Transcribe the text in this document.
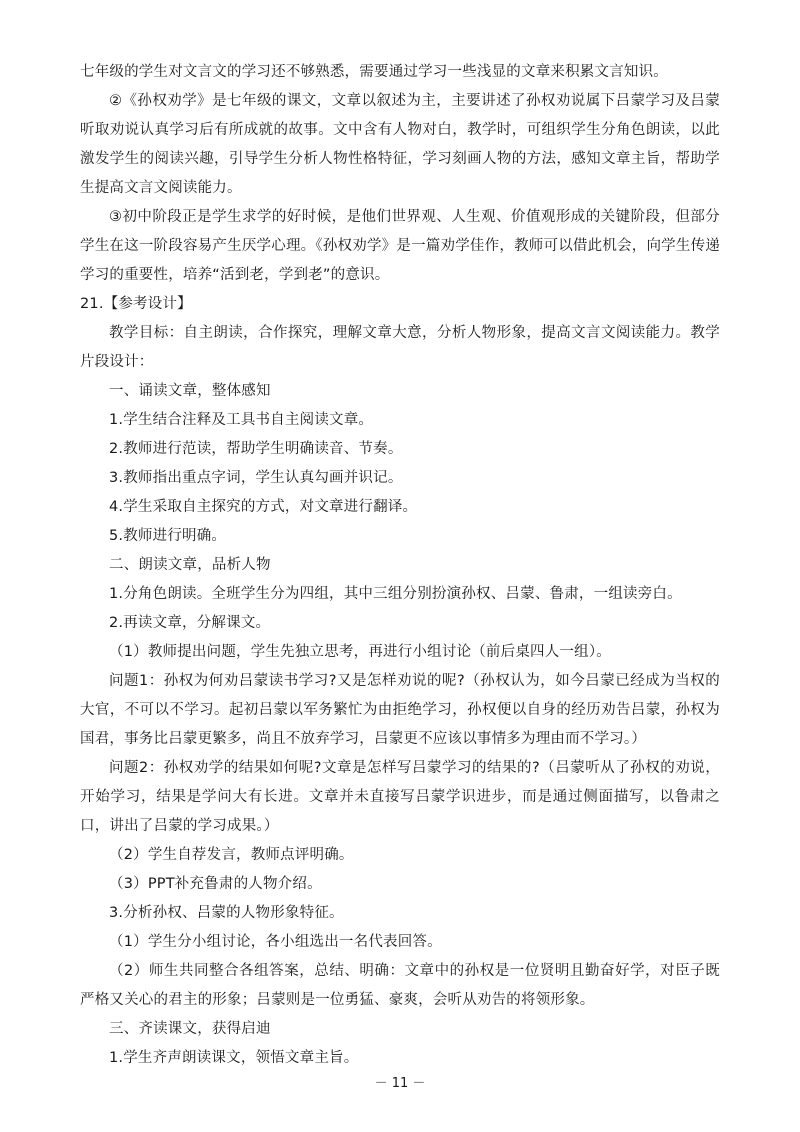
七年级的学生对文言文的学习还不够熟悉，需要通过学习一些浅显的文章来积累文言知识。

②《孙权劝学》是七年级的课文，文章以叙述为主，主要讲述了孙权劝说属下吕蒙学习及吕蒙听取劝说认真学习后有所成就的故事。文中含有人物对白，教学时，可组织学生分角色朗读，以此激发学生的阅读兴趣，引导学生分析人物性格特征，学习刻画人物的方法，感知文章主旨，帮助学生提高文言文阅读能力。

③初中阶段正是学生求学的好时候，是他们世界观、人生观、价值观形成的关键阶段，但部分学生在这一阶段容易产生厌学心理。《孙权劝学》是一篇劝学佳作，教师可以借此机会，向学生传递学习的重要性，培养“活到老，学到老”的意识。

21.【参考设计】

教学目标：自主朗读，合作探究，理解文章大意，分析人物形象，提高文言文阅读能力。教学片段设计：

一、诵读文章，整体感知

1.学生结合注释及工具书自主阅读文章。

2.教师进行范读，帮助学生明确读音、节奏。

3.教师指出重点字词，学生认真勾画并识记。

4.学生采取自主探究的方式，对文章进行翻译。

5.教师进行明确。

二、朗读文章，品析人物

1.分角色朗读。全班学生分为四组，其中三组分别扮演孙权、吕蒙、鲁肃，一组读旁白。

2.再读文章，分解课文。

（1）教师提出问题，学生先独立思考，再进行小组讨论（前后桌四人一组）。

问题1：孙权为何劝吕蒙读书学习?又是怎样劝说的呢?（孙权认为，如今吕蒙已经成为当权的大官，不可以不学习。起初吕蒙以军务繁忙为由拒绝学习，孙权便以自身的经历劝告吕蒙，孙权为国君，事务比吕蒙更繁多，尚且不放弃学习，吕蒙更不应该以事情多为理由而不学习。）

问题2：孙权劝学的结果如何呢?文章是怎样写吕蒙学习的结果的?（吕蒙听从了孙权的劝说，开始学习，结果是学问大有长进。文章并未直接写吕蒙学识进步，而是通过侧面描写，以鲁肃之口，讲出了吕蒙的学习成果。）

（2）学生自荐发言，教师点评明确。

（3）PPT补充鲁肃的人物介绍。

3.分析孙权、吕蒙的人物形象特征。

（1）学生分小组讨论，各小组选出一名代表回答。

（2）师生共同整合各组答案，总结、明确：文章中的孙权是一位贤明且勤奋好学，对臣子既严格又关心的君主的形象；吕蒙则是一位勇猛、豪爽，会听从劝告的将领形象。

三、齐读课文，获得启迪

1.学生齐声朗读课文，领悟文章主旨。

－ 11 －
